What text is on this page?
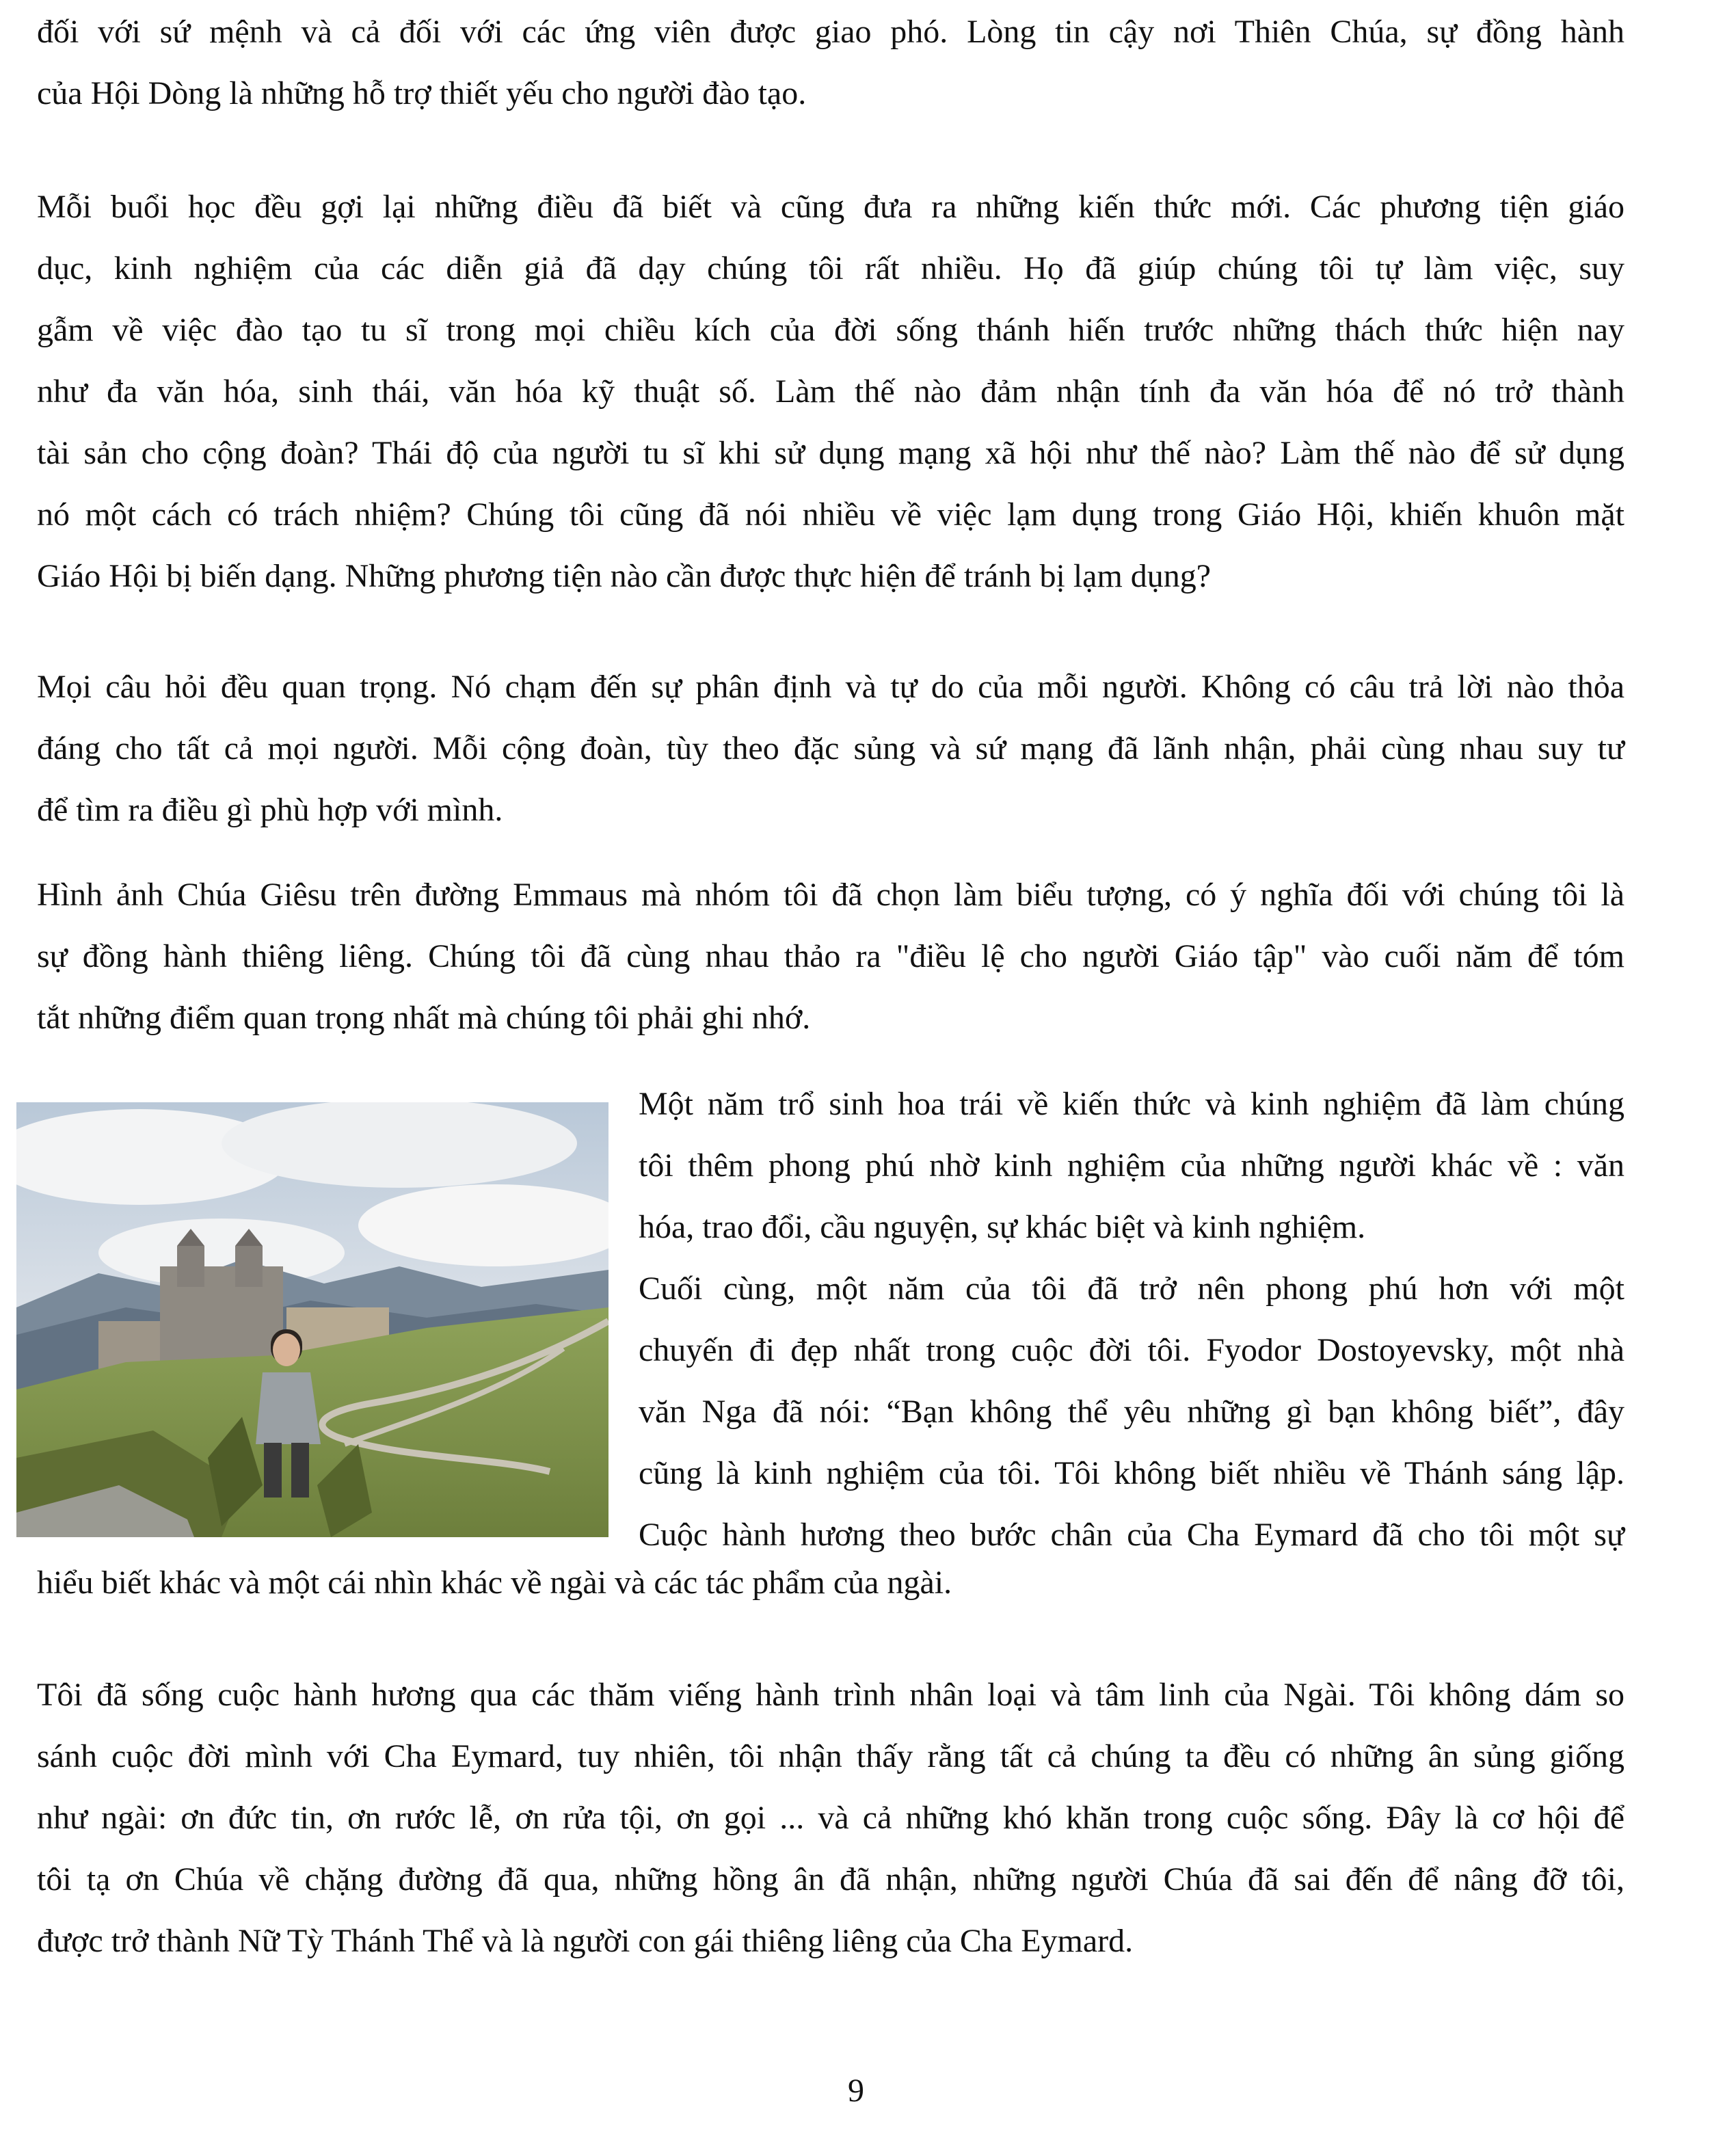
đối với sứ mệnh và cả đối với các ứng viên được giao phó. Lòng tin cậy nơi Thiên Chúa, sự đồng hành
của Hội Dòng là những hỗ trợ thiết yếu cho người đào tạo.

Mỗi buổi học đều gợi lại những điều đã biết và cũng đưa ra những kiến thức mới. Các phương tiện giáo
dục, kinh nghiệm của các diễn giả đã dạy chúng tôi rất nhiều. Họ đã giúp chúng tôi tự làm việc, suy
gẫm về việc đào tạo tu sĩ trong mọi chiều kích của đời sống thánh hiến trước những thách thức hiện nay
như đa văn hóa, sinh thái, văn hóa kỹ thuật số. Làm thế nào đảm nhận tính đa văn hóa để nó trở thành
tài sản cho cộng đoàn? Thái độ của người tu sĩ khi sử dụng mạng xã hội như thế nào? Làm thế nào để sử dụng
nó một cách có trách nhiệm? Chúng tôi cũng đã nói nhiều về việc lạm dụng trong Giáo Hội, khiến khuôn mặt
Giáo Hội bị biến dạng. Những phương tiện nào cần được thực hiện để tránh bị lạm dụng?

Mọi câu hỏi đều quan trọng. Nó chạm đến sự phân định và tự do của mỗi người. Không có câu trả lời nào thỏa
đáng cho tất cả mọi người. Mỗi cộng đoàn, tùy theo đặc sủng và sứ mạng đã lãnh nhận, phải cùng nhau suy tư
để tìm ra điều gì phù hợp với mình.

Hình ảnh Chúa Giêsu trên đường Emmaus mà nhóm tôi đã chọn làm biểu tượng, có ý nghĩa đối với chúng tôi là
sự đồng hành thiêng liêng. Chúng tôi đã cùng nhau thảo ra "điều lệ cho người Giáo tập" vào cuối năm để tóm
tắt những điểm quan trọng nhất mà chúng tôi phải ghi nhớ.

Một năm trổ sinh hoa trái về kiến thức và kinh nghiệm đã làm chúng
tôi thêm phong phú nhờ kinh nghiệm của những người khác về : văn
hóa, trao đổi, cầu nguyện, sự khác biệt và kinh nghiệm.
Cuối cùng, một năm của tôi đã trở nên phong phú hơn với một
chuyến đi đẹp nhất trong cuộc đời tôi. Fyodor Dostoyevsky, một nhà
văn Nga đã nói: “Bạn không thể yêu những gì bạn không biết”, đây
cũng là kinh nghiệm của tôi. Tôi không biết nhiều về Thánh sáng lập.
Cuộc hành hương theo bước chân của Cha Eymard đã cho tôi một sự

hiểu biết khác và một cái nhìn khác về ngài và các tác phẩm của ngài.

Tôi đã sống cuộc hành hương qua các thăm viếng hành trình nhân loại và tâm linh của Ngài. Tôi không dám so
sánh cuộc đời mình với Cha Eymard, tuy nhiên, tôi nhận thấy rằng tất cả chúng ta đều có những ân sủng giống
như ngài: ơn đức tin, ơn rước lễ, ơn rửa tội, ơn gọi ... và cả những khó khăn trong cuộc sống. Đây là cơ hội để
tôi tạ ơn Chúa về chặng đường đã qua, những hồng ân đã nhận, những người Chúa đã sai đến để nâng đỡ tôi,
được trở thành Nữ Tỳ Thánh Thể và là người con gái thiêng liêng của Cha Eymard.

9
